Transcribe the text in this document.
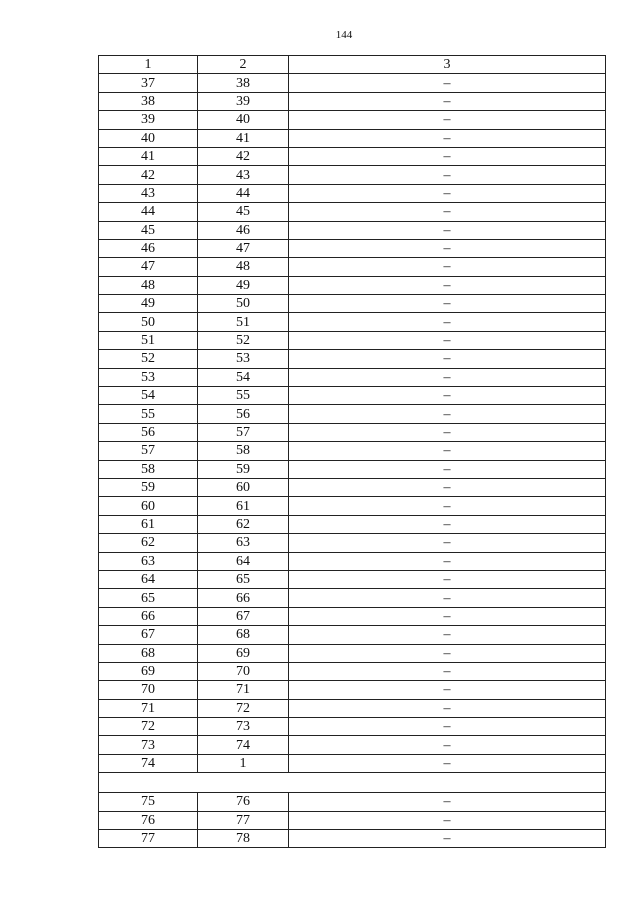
144
1	2	3
37	38	–
38	39	–
39	40	–
40	41	–
41	42	–
42	43	–
43	44	–
44	45	–
45	46	–
46	47	–
47	48	–
48	49	–
49	50	–
50	51	–
51	52	–
52	53	–
53	54	–
54	55	–
55	56	–
56	57	–
57	58	–
58	59	–
59	60	–
60	61	–
61	62	–
62	63	–
63	64	–
64	65	–
65	66	–
66	67	–
67	68	–
68	69	–
69	70	–
70	71	–
71	72	–
72	73	–
73	74	–
74	1	–

75	76	–
76	77	–
77	78	–
